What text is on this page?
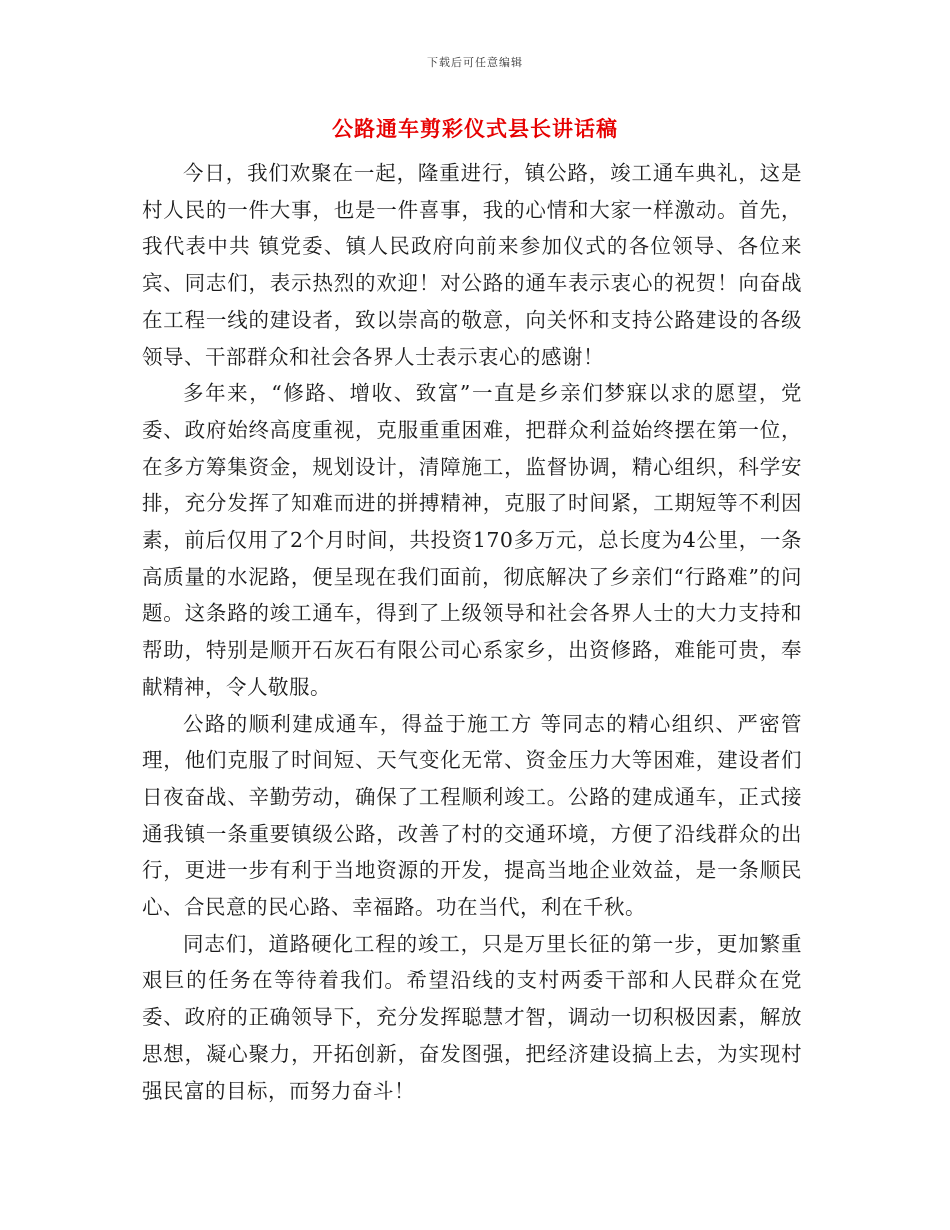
下载后可任意编辑
公路通车剪彩仪式县长讲话稿

今日，我们欢聚在一起，隆重进行，镇公路，竣工通车典礼，这是村人民的一件大事，也是一件喜事，我的心情和大家一样激动。首先，我代表中共 镇党委、镇人民政府向前来参加仪式的各位领导、各位来宾、同志们，表示热烈的欢迎！对公路的通车表示衷心的祝贺！向奋战在工程一线的建设者，致以崇高的敬意，向关怀和支持公路建设的各级领导、干部群众和社会各界人士表示衷心的感谢！

多年来，“修路、增收、致富”一直是乡亲们梦寐以求的愿望，党委、政府始终高度重视，克服重重困难，把群众利益始终摆在第一位，在多方筹集资金，规划设计，清障施工，监督协调，精心组织，科学安排，充分发挥了知难而进的拼搏精神，克服了时间紧，工期短等不利因素，前后仅用了2个月时间，共投资170多万元，总长度为4公里，一条高质量的水泥路，便呈现在我们面前，彻底解决了乡亲们“行路难”的问题。这条路的竣工通车，得到了上级领导和社会各界人士的大力支持和帮助，特别是顺开石灰石有限公司心系家乡，出资修路，难能可贵，奉献精神，令人敬服。

公路的顺利建成通车，得益于施工方 等同志的精心组织、严密管理，他们克服了时间短、天气变化无常、资金压力大等困难，建设者们日夜奋战、辛勤劳动，确保了工程顺利竣工。公路的建成通车，正式接通我镇一条重要镇级公路，改善了村的交通环境，方便了沿线群众的出行，更进一步有利于当地资源的开发，提高当地企业效益，是一条顺民心、合民意的民心路、幸福路。功在当代，利在千秋。

同志们，道路硬化工程的竣工，只是万里长征的第一步，更加繁重艰巨的任务在等待着我们。希望沿线的支村两委干部和人民群众在党委、政府的正确领导下，充分发挥聪慧才智，调动一切积极因素，解放思想，凝心聚力，开拓创新，奋发图强，把经济建设搞上去，为实现村强民富的目标，而努力奋斗！
